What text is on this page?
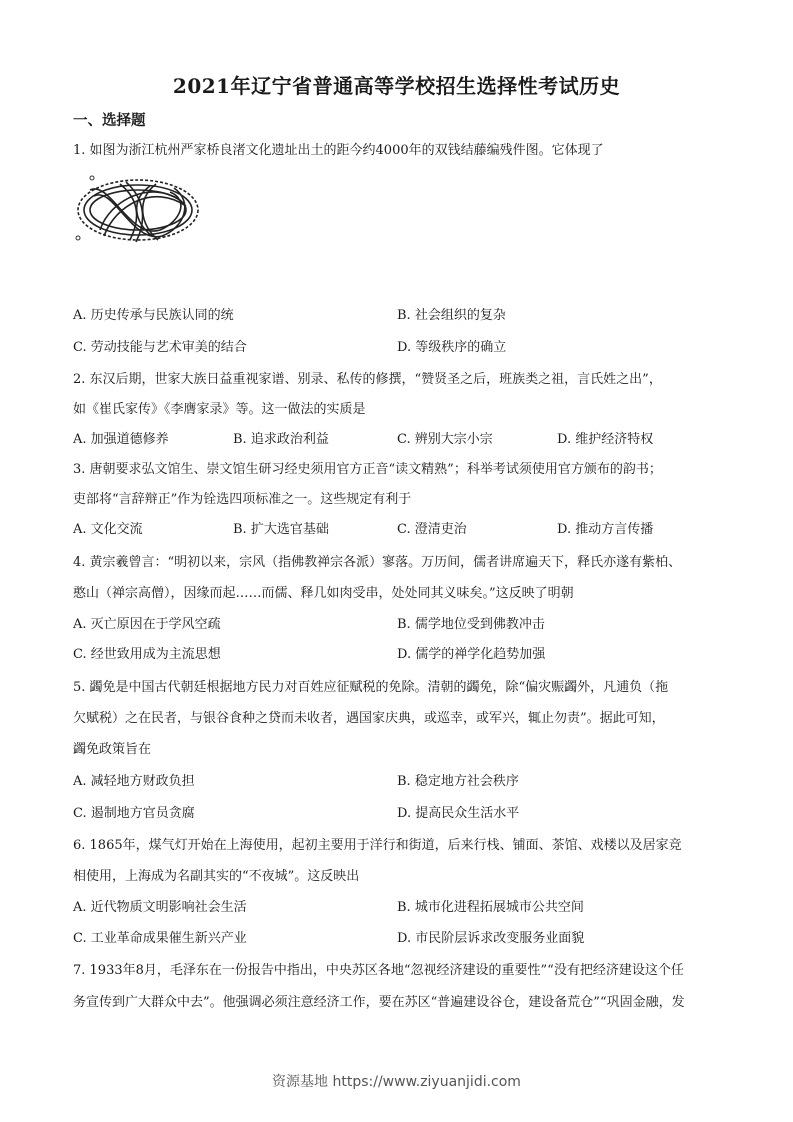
2021年辽宁省普通高等学校招生选择性考试历史
一、选择题
1. 如图为浙江杭州严家桥良渚文化遗址出土的距今约4000年的双钱结藤编残件图。它体现了
A. 历史传承与民族认同的统	B. 社会组织的复杂
C. 劳动技能与艺术审美的结合	D. 等级秩序的确立
2. 东汉后期，世家大族日益重视家谱、别录、私传的修撰，“赞贤圣之后，班族类之祖，言氏姓之出”，
如《崔氏家传》《李膺家录》等。这一做法的实质是
A. 加强道德修养	B. 追求政治利益	C. 辨别大宗小宗	D. 维护经济特权
3. 唐朝要求弘文馆生、崇文馆生研习经史须用官方正音“读文精熟”；科举考试须使用官方颁布的韵书；
吏部将“言辞辩正”作为铨选四项标准之一。这些规定有利于
A. 文化交流	B. 扩大选官基础	C. 澄清吏治	D. 推动方言传播
4. 黄宗羲曾言：“明初以来，宗风（指佛教禅宗各派）寥落。万历间，儒者讲席遍天下，释氏亦遂有紫柏、
憨山（禅宗高僧），因缘而起……而儒、释几如肉受串，处处同其义味矣。”这反映了明朝
A. 灭亡原因在于学风空疏	B. 儒学地位受到佛教冲击
C. 经世致用成为主流思想	D. 儒学的禅学化趋势加强
5. 蠲免是中国古代朝廷根据地方民力对百姓应征赋税的免除。清朝的蠲免，除“偏灾赈蠲外，凡逋负（拖
欠赋税）之在民者，与银谷食种之贷而未收者，遇国家庆典，或巡幸，或军兴，辄止勿责”。据此可知，
蠲免政策旨在
A. 减轻地方财政负担	B. 稳定地方社会秩序
C. 遏制地方官员贪腐	D. 提高民众生活水平
6. 1865年，煤气灯开始在上海使用，起初主要用于洋行和街道，后来行栈、铺面、茶馆、戏楼以及居家竞
相使用，上海成为名副其实的“不夜城”。这反映出
A. 近代物质文明影响社会生活	B. 城市化进程拓展城市公共空间
C. 工业革命成果催生新兴产业	D. 市民阶层诉求改变服务业面貌
7. 1933年8月，毛泽东在一份报告中指出，中央苏区各地“忽视经济建设的重要性”“没有把经济建设这个任
务宣传到广大群众中去”。他强调必须注意经济工作，要在苏区“普遍建设谷仓，建设备荒仓”“巩固金融，发
资源基地 https://www.ziyuanjidi.com
